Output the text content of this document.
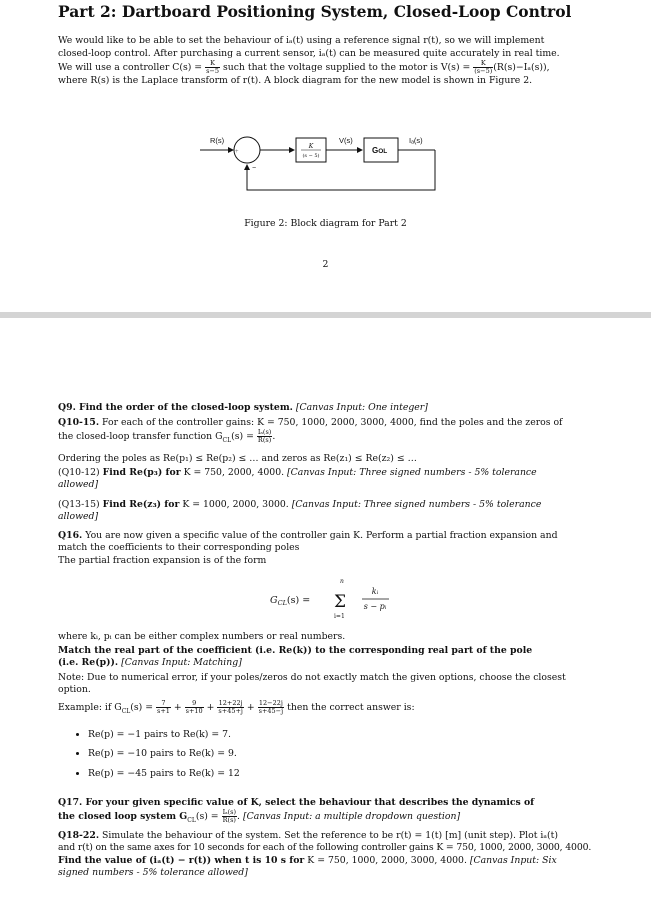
Part 2: Dartboard Positioning System, Closed-Loop Control

We would like to be able to set the behaviour of iₐ(t) using a reference signal r(t), so we will implement

closed-loop control. After purchasing a current sensor, iₐ(t) can be measured quite accurately in real time.

We will use a controller $C(s) = \frac{K}{s-5}$ such that the voltage supplied to the motor is $V(s) = \frac{K}{(s-5)} (R(s)-I_a(s))$,

where R(s) is the Laplace transform of r(t). A block diagram for the new model is shown in Figure 2.

R(s)
+
−
K
(s − 5)
V(s)
GOL
Iₐ(s)
Figure 2: Block diagram for Part 2
2

Q9. Find the order of the closed-loop system. [Canvas Input: One integer]

Q10-15. For each of the controller gains: K = 750, 1000, 2000, 3000, 4000, find the poles and the zeros of

the closed-loop transfer function $G_{CL}(s) = \frac{\text{Iₐ(s)}}{R(s)}$ .

Ordering the poles as Re(p₁) ≤ Re(p₂) ≤ … and zeros as Re(z₁) ≤ Re(z₂) ≤ …

(Q10-12) Find Re(p₃) for K = 750, 2000, 4000. [Canvas Input: Three signed numbers - 5% tolerance

allowed]

(Q13-15) Find Re(z₃) for K = 1000, 2000, 3000. [Canvas Input: Three signed numbers - 5% tolerance

allowed]

Q16. You are now given a specific value of the controller gain K. Perform a partial fraction expansion and

match the coefficients to their corresponding poles

The partial fraction expansion is of the form

$G_{CL}(s)$ =
n
Σ
i=1
kᵢ
s − pᵢ
where kᵢ, pᵢ can be either complex numbers or real numbers.

Match the real part of the coefficient (i.e. Re(k)) to the corresponding real part of the pole

(i.e. Re(p)). [Canvas Input: Matching]

Note: Due to numerical error, if your poles/zeros do not exactly match the given options, choose the closest

option.

Example: if $G_{CL}(s) = \frac{7}{s+1} + \frac{9}{s+10} + \frac{12+22j}{s+45+j} + \frac{12-22j}{s+45-j}$ then the correct answer is:

• Re(p) = −1 pairs to Re(k) = 7.
• Re(p) = −10 pairs to Re(k) = 9.
• Re(p) = −45 pairs to Re(k) = 12

Q17. For your given specific value of K, select the behaviour that describes the dynamics of

the closed loop system $G_{CL}(s) = \frac{\text{Iₐ(s)}}{R(s)}$ . [Canvas Input: a multiple dropdown question]

Q18-22. Simulate the behaviour of the system. Set the reference to be r(t) = 1(t) [m] (unit step). Plot iₐ(t)

and r(t) on the same axes for 10 seconds for each of the following controller gains K = 750, 1000, 2000, 3000, 4000.

Find the value of (iₐ(t) − r(t)) when t is 10 s for K = 750, 1000, 2000, 3000, 4000. [Canvas Input: Six

signed numbers - 5% tolerance allowed]
